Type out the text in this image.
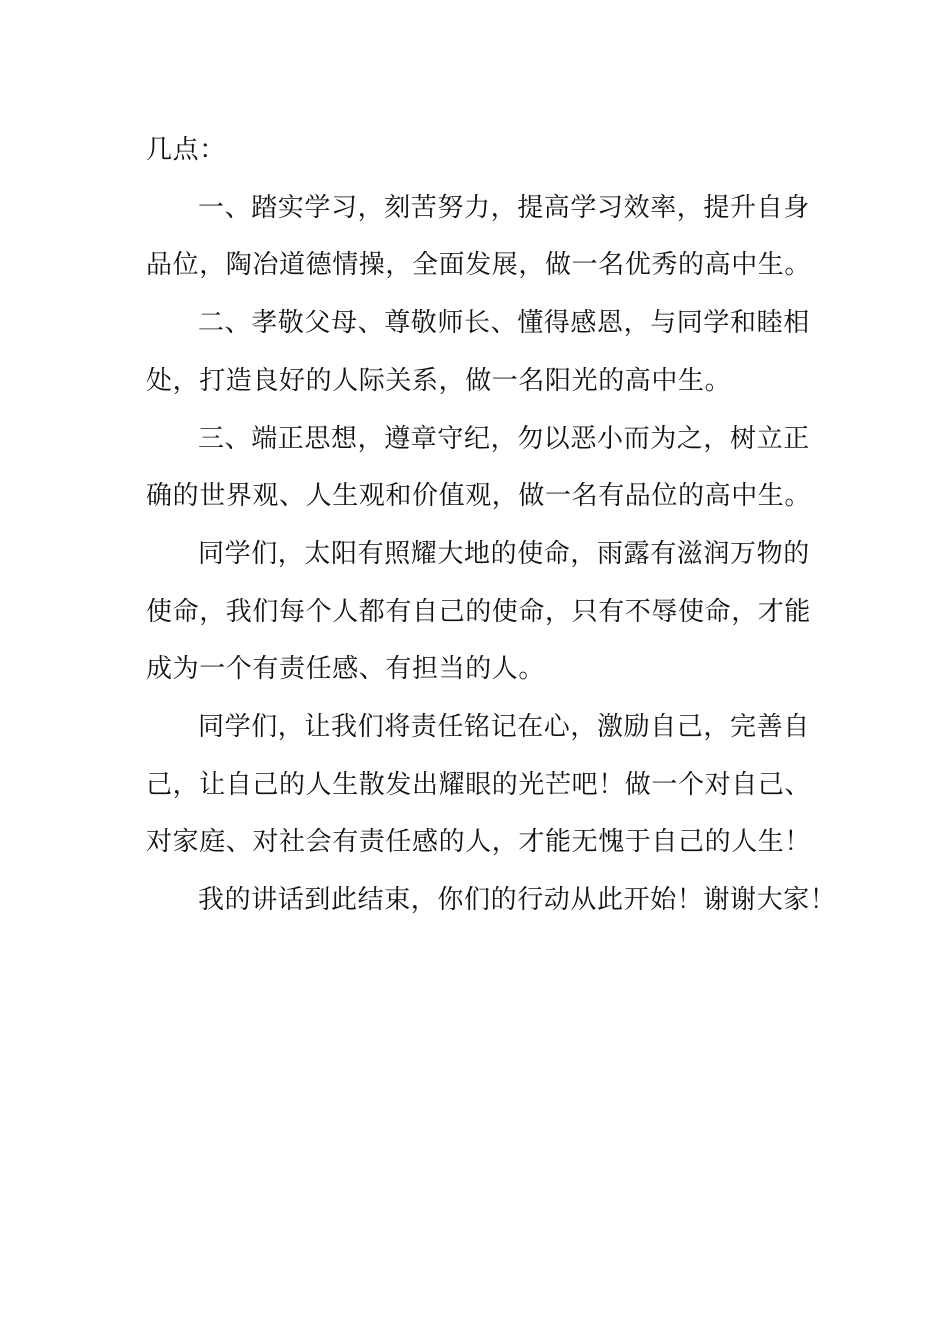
几点：

一、踏实学习，刻苦努力，提高学习效率，提升自身
品位，陶冶道德情操，全面发展，做一名优秀的高中生。

二、孝敬父母、尊敬师长、懂得感恩，与同学和睦相
处，打造良好的人际关系，做一名阳光的高中生。

三、端正思想，遵章守纪，勿以恶小而为之，树立正
确的世界观、人生观和价值观，做一名有品位的高中生。

同学们，太阳有照耀大地的使命，雨露有滋润万物的
使命，我们每个人都有自己的使命，只有不辱使命，才能
成为一个有责任感、有担当的人。

同学们，让我们将责任铭记在心，激励自己，完善自
己，让自己的人生散发出耀眼的光芒吧！做一个对自己、
对家庭、对社会有责任感的人，才能无愧于自己的人生！

我的讲话到此结束，你们的行动从此开始！谢谢大家！
